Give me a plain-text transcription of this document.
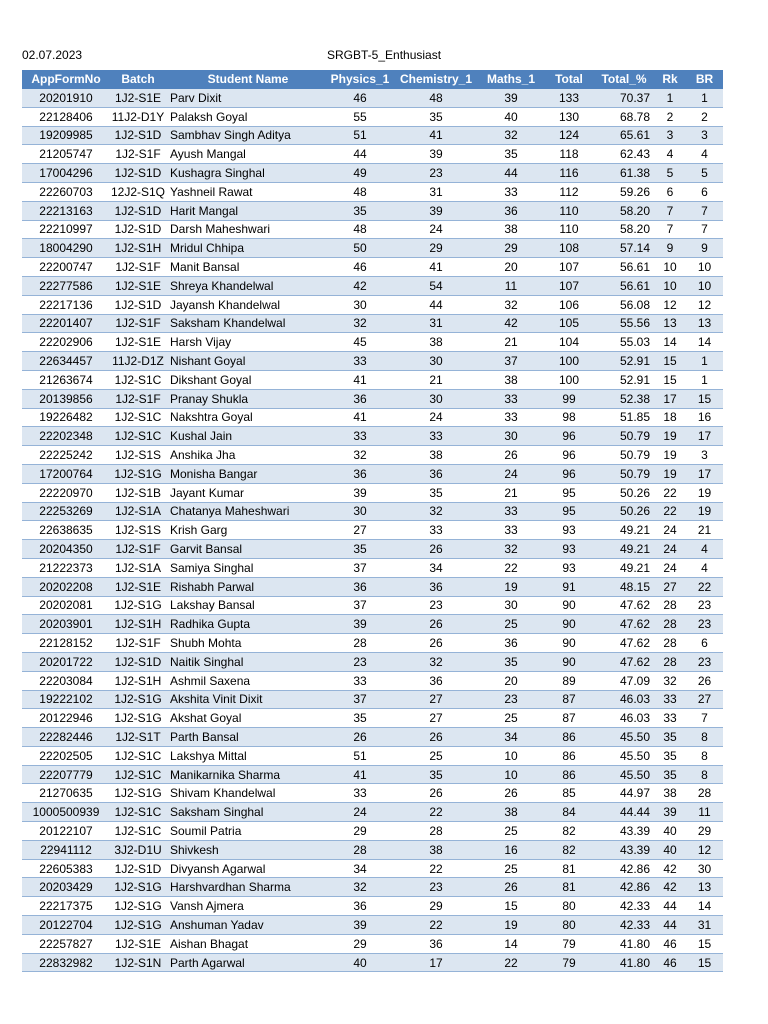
02.07.2023	SRGBT-5_Enthusiast
AppFormNo	Batch	Student Name	Physics_1	Chemistry_1	Maths_1	Total	Total_%	Rk	BR
20201910	1J2-S1E	Parv Dixit	46	48	39	133	70.37	1	1
22128406	11J2-D1Y	Palaksh Goyal	55	35	40	130	68.78	2	2
19209985	1J2-S1D	Sambhav Singh Aditya	51	41	32	124	65.61	3	3
21205747	1J2-S1F	Ayush Mangal	44	39	35	118	62.43	4	4
17004296	1J2-S1D	Kushagra Singhal	49	23	44	116	61.38	5	5
22260703	12J2-S1Q	Yashneil Rawat	48	31	33	112	59.26	6	6
22213163	1J2-S1D	Harit Mangal	35	39	36	110	58.20	7	7
22210997	1J2-S1D	Darsh Maheshwari	48	24	38	110	58.20	7	7
18004290	1J2-S1H	Mridul Chhipa	50	29	29	108	57.14	9	9
22200747	1J2-S1F	Manit Bansal	46	41	20	107	56.61	10	10
22277586	1J2-S1E	Shreya Khandelwal	42	54	11	107	56.61	10	10
22217136	1J2-S1D	Jayansh Khandelwal	30	44	32	106	56.08	12	12
22201407	1J2-S1F	Saksham Khandelwal	32	31	42	105	55.56	13	13
22202906	1J2-S1E	Harsh Vijay	45	38	21	104	55.03	14	14
22634457	11J2-D1Z	Nishant Goyal	33	30	37	100	52.91	15	1
21263674	1J2-S1C	Dikshant Goyal	41	21	38	100	52.91	15	1
20139856	1J2-S1F	Pranay Shukla	36	30	33	99	52.38	17	15
19226482	1J2-S1C	Nakshtra Goyal	41	24	33	98	51.85	18	16
22202348	1J2-S1C	Kushal Jain	33	33	30	96	50.79	19	17
22225242	1J2-S1S	Anshika Jha	32	38	26	96	50.79	19	3
17200764	1J2-S1G	Monisha Bangar	36	36	24	96	50.79	19	17
22220970	1J2-S1B	Jayant Kumar	39	35	21	95	50.26	22	19
22253269	1J2-S1A	Chatanya Maheshwari	30	32	33	95	50.26	22	19
22638635	1J2-S1S	Krish Garg	27	33	33	93	49.21	24	21
20204350	1J2-S1F	Garvit Bansal	35	26	32	93	49.21	24	4
21222373	1J2-S1A	Samiya Singhal	37	34	22	93	49.21	24	4
20202208	1J2-S1E	Rishabh Parwal	36	36	19	91	48.15	27	22
20202081	1J2-S1G	Lakshay Bansal	37	23	30	90	47.62	28	23
20203901	1J2-S1H	Radhika Gupta	39	26	25	90	47.62	28	23
22128152	1J2-S1F	Shubh Mohta	28	26	36	90	47.62	28	6
20201722	1J2-S1D	Naitik Singhal	23	32	35	90	47.62	28	23
22203084	1J2-S1H	Ashmil Saxena	33	36	20	89	47.09	32	26
19222102	1J2-S1G	Akshita Vinit Dixit	37	27	23	87	46.03	33	27
20122946	1J2-S1G	Akshat Goyal	35	27	25	87	46.03	33	7
22282446	1J2-S1T	Parth Bansal	26	26	34	86	45.50	35	8
22202505	1J2-S1C	Lakshya Mittal	51	25	10	86	45.50	35	8
22207779	1J2-S1C	Manikarnika Sharma	41	35	10	86	45.50	35	8
21270635	1J2-S1G	Shivam Khandelwal	33	26	26	85	44.97	38	28
1000500939	1J2-S1C	Saksham Singhal	24	22	38	84	44.44	39	11
20122107	1J2-S1C	Soumil Patria	29	28	25	82	43.39	40	29
22941112	3J2-D1U	Shivkesh	28	38	16	82	43.39	40	12
22605383	1J2-S1D	Divyansh Agarwal	34	22	25	81	42.86	42	30
20203429	1J2-S1G	Harshvardhan Sharma	32	23	26	81	42.86	42	13
22217375	1J2-S1G	Vansh Ajmera	36	29	15	80	42.33	44	14
20122704	1J2-S1G	Anshuman Yadav	39	22	19	80	42.33	44	31
22257827	1J2-S1E	Aishan Bhagat	29	36	14	79	41.80	46	15
22832982	1J2-S1N	Parth Agarwal	40	17	22	79	41.80	46	15
